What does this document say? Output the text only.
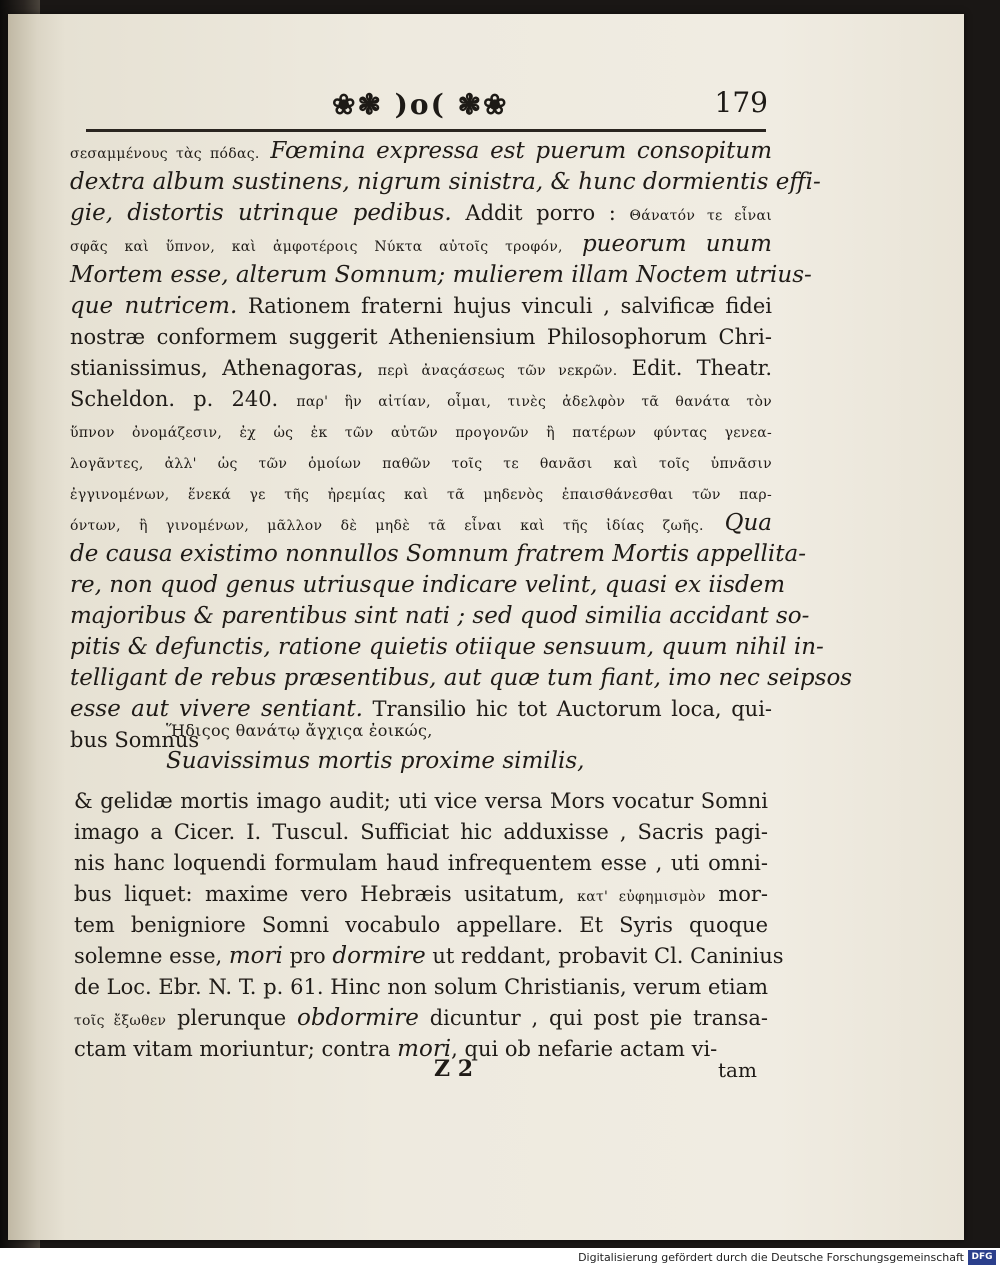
❀❃ )o( ❃❀	179
σεσαμμένους τὰς πόδας. Fœmina expressa est puerum consopitum
dextra album sustinens, nigrum sinistra, & hunc dormientis effi-
gie, distortis utrinque pedibus. Addit porro : Θάνατόν τε εἶναι
σφᾶς καὶ ὕπνον, καὶ ἀμφοτέροις Νύκτα αὐτοῖς τροφόν, pueorum unum
Mortem esse, alterum Somnum; mulierem illam Noctem utrius-
que nutricem. Rationem fraterni hujus vinculi , salvificæ fidei
nostræ conformem suggerit Atheniensium Philosophorum Chri-
stianissimus, Athenagoras, περὶ ἀναςάσεως τῶν νεκρῶν. Edit. Theatr.
Scheldon. p. 240. παρ' ἣν αἰτίαν, οἶμαι, τινὲς ἀδελφὸν τᾶ θανάτα τὸν
ὕπνον ὀνομάζεσιν, ἐχ ὡς ἐκ τῶν αὐτῶν προγονῶν ἢ πατέρων φύντας γενεα-
λογᾶντες, ἀλλ' ὡς τῶν ὁμοίων παθῶν τοῖς τε θανᾶσι καὶ τοῖς ὑπνᾶσιν
ἐγγινομένων, ἕνεκά γε τῆς ἠρεμίας καὶ τᾶ μηδενὸς ἐπαισθάνεσθαι τῶν παρ-
όντων, ἢ γινομένων, μᾶλλον δὲ μηδὲ τᾶ εἶναι καὶ τῆς ἰδίας ζωῆς. Qua
de causa existimo nonnullos Somnum fratrem Mortis appellita-
re, non quod genus utriusque indicare velint, quasi ex iisdem
majoribus & parentibus sint nati ; sed quod similia accidant so-
pitis & defunctis, ratione quietis otiique sensuum, quum nihil in-
telligant de rebus præsentibus, aut quæ tum fiant, imo nec seipsos
esse aut vivere sentiant. Transilio hic tot Auctorum loca, qui-
bus Somnus
Ἥδιςος θανάτῳ ἄγχιςα ἐοικώς,
Suavissimus mortis proxime similis,
& gelidæ mortis imago audit; uti vice versa Mors vocatur Somni
imago a Cicer. I. Tuscul. Sufficiat hic adduxisse , Sacris pagi-
nis hanc loquendi formulam haud infrequentem esse , uti omni-
bus liquet: maxime vero Hebræis usitatum, κατ' εὐφημισμὸν mor-
tem benigniore Somni vocabulo appellare. Et Syris quoque
solemne esse, mori pro dormire ut reddant, probavit Cl. Caninius
de Loc. Ebr. N. T. p. 61. Hinc non solum Christianis, verum etiam
τοῖς ἔξωθεν plerunque obdormire dicuntur , qui post pie transa-
ctam vitam moriuntur; contra mori, qui ob nefarie actam vi-
Z 2	tam
Digitalisierung gefördert durch die Deutsche Forschungsgemeinschaft DFG
